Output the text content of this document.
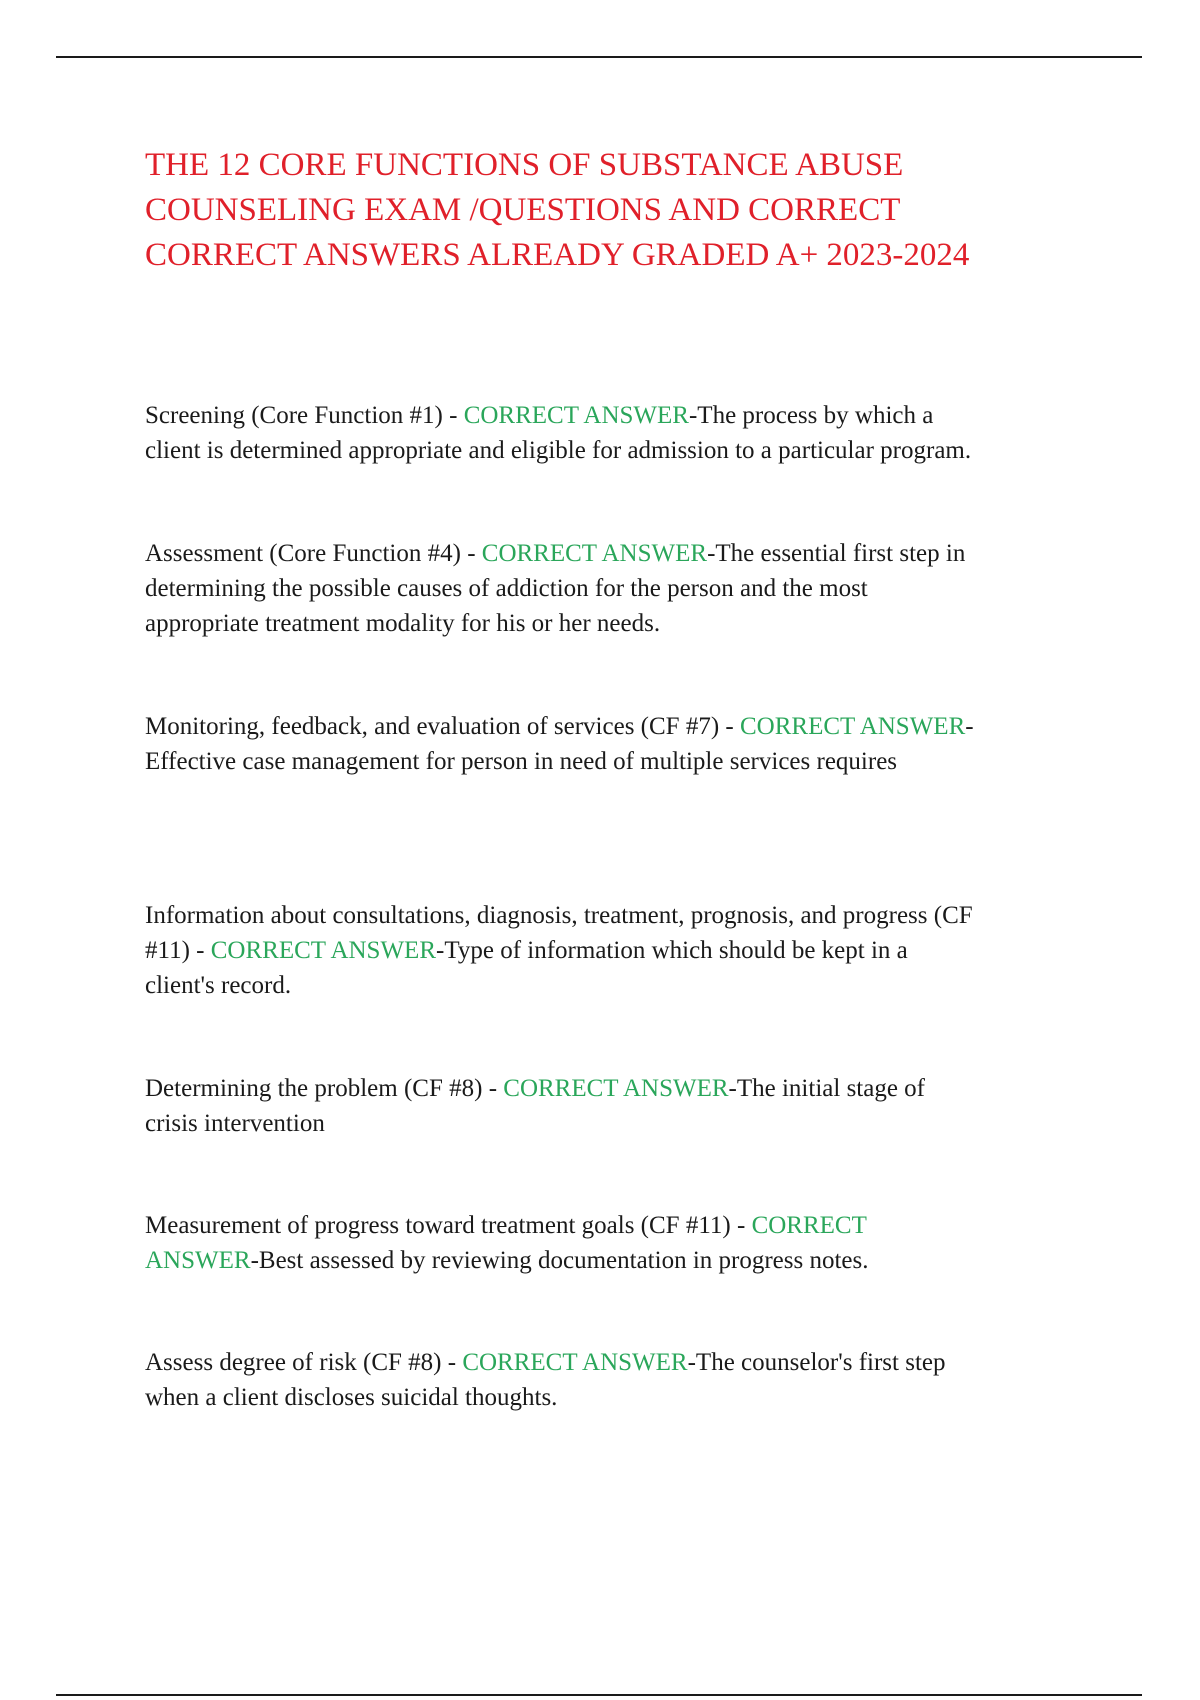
THE 12 CORE FUNCTIONS OF SUBSTANCE ABUSE
COUNSELING EXAM /QUESTIONS AND CORRECT
CORRECT ANSWERS ALREADY GRADED A+ 2023-2024

Screening (Core Function #1) - CORRECT ANSWER-The process by which a
client is determined appropriate and eligible for admission to a particular program.

Assessment (Core Function #4) - CORRECT ANSWER-The essential first step in
determining the possible causes of addiction for the person and the most
appropriate treatment modality for his or her needs.

Monitoring, feedback, and evaluation of services (CF #7) - CORRECT ANSWER-
Effective case management for person in need of multiple services requires

Information about consultations, diagnosis, treatment, prognosis, and progress (CF
#11) - CORRECT ANSWER-Type of information which should be kept in a
client's record.

Determining the problem (CF #8) - CORRECT ANSWER-The initial stage of
crisis intervention

Measurement of progress toward treatment goals (CF #11) - CORRECT
ANSWER-Best assessed by reviewing documentation in progress notes.

Assess degree of risk (CF #8) - CORRECT ANSWER-The counselor's first step
when a client discloses suicidal thoughts.
